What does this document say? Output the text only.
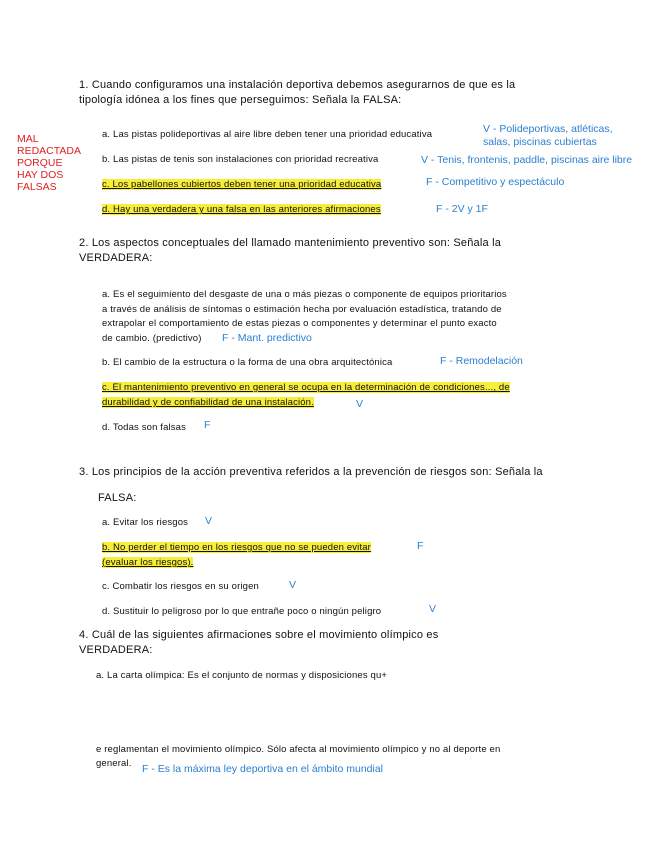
MAL
REDACTADA
PORQUE
HAY DOS
FALSAS
1. Cuando configuramos una instalación deportiva debemos asegurarnos de que es la
tipología idónea a los fines que perseguimos: Señala la FALSA:
a. Las pistas polideportivas al aire libre deben tener una prioridad educativa	V - Polideportivas, atléticas,
salas, piscinas cubiertas
b. Las pistas de tenis son instalaciones con prioridad recreativa	V - Tenis, frontenis, paddle, piscinas aire libre
c. Los pabellones cubiertos deben tener una prioridad educativa	F - Competitivo y espectáculo
d. Hay una verdadera y una falsa en las anteriores afirmaciones	F - 2V y 1F
2. Los aspectos conceptuales del llamado mantenimiento preventivo son: Señala la
VERDADERA:
a. Es el seguimiento del desgaste de una o más piezas o componente de equipos prioritarios
a través de análisis de síntomas o estimación hecha por evaluación estadística, tratando de
extrapolar el comportamiento de estas piezas o componentes y determinar el punto exacto
de cambio. (predictivo) F - Mant. predictivo
b. El cambio de la estructura o la forma de una obra arquitectónica	F - Remodelación
c. El mantenimiento preventivo en general se ocupa en la determinación de condiciones..., de
durabilidad y de confiabilidad de una instalación.	V
d. Todas son falsas F
3. Los principios de la acción preventiva referidos a la prevención de riesgos son: Señala la
FALSA:
a. Evitar los riesgos V
b. No perder el tiempo en los riesgos que no se pueden evitar
(evaluar los riesgos).
F
c. Combatir los riesgos en su origen	V
d. Sustituir lo peligroso por lo que entrañe poco o ningún peligro	V
4. Cuál de las siguientes afirmaciones sobre el movimiento olímpico es
VERDADERA:
a. La carta olímpica: Es el conjunto de normas y disposiciones qu+
e reglamentan el movimiento olímpico. Sólo afecta al movimiento olímpico y no al deporte en
general. F - Es la máxima ley deportiva en el ámbito mundial
